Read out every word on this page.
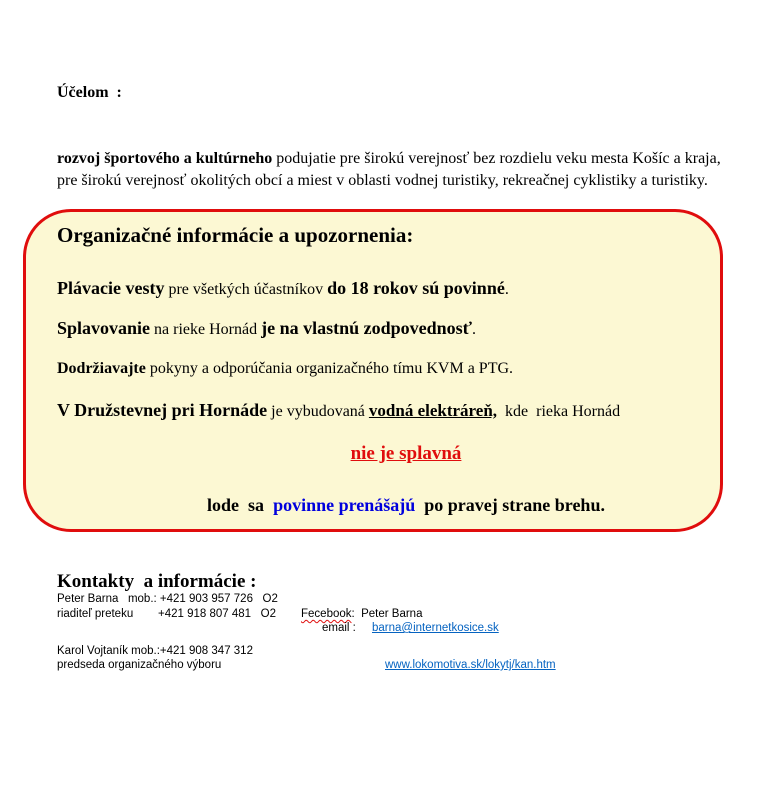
Účelom  :

rozvoj športového a kultúrneho podujatie pre širokú verejnosť bez rozdielu veku mesta Košíc a kraja, pre širokú verejnosť okolitých obcí a miest v oblasti vodnej turistiky, rekreačnej cyklistiky a turistiky.

Organizačné informácie a upozornenia:
Plávacie vesty pre všetkých účastníkov do 18 rokov sú povinné.
Splavovanie na rieke Hornád je na vlastnú zodpovednosť.
Dodržiavajte pokyny a odporúčania organizačného tímu KVM a PTG.
V Družstevnej pri Hornáde je vybudovaná vodná elektráreň,  kde  rieka Hornád
nie je splavná
lode  sa  povinne prenášajú  po pravej strane brehu.
Kontakty  a informácie :
Peter Barna   mob.: +421 903 957 726   O2
riaditeľ preteku +421 918 807 481   O2 Fecebook:  Peter Barna
email : barna@internetkosice.sk
Karol Vojtaník mob.:+421 908 347 312
predseda organizačného výboru	www.lokomotiva.sk/lokytj/kan.htm
